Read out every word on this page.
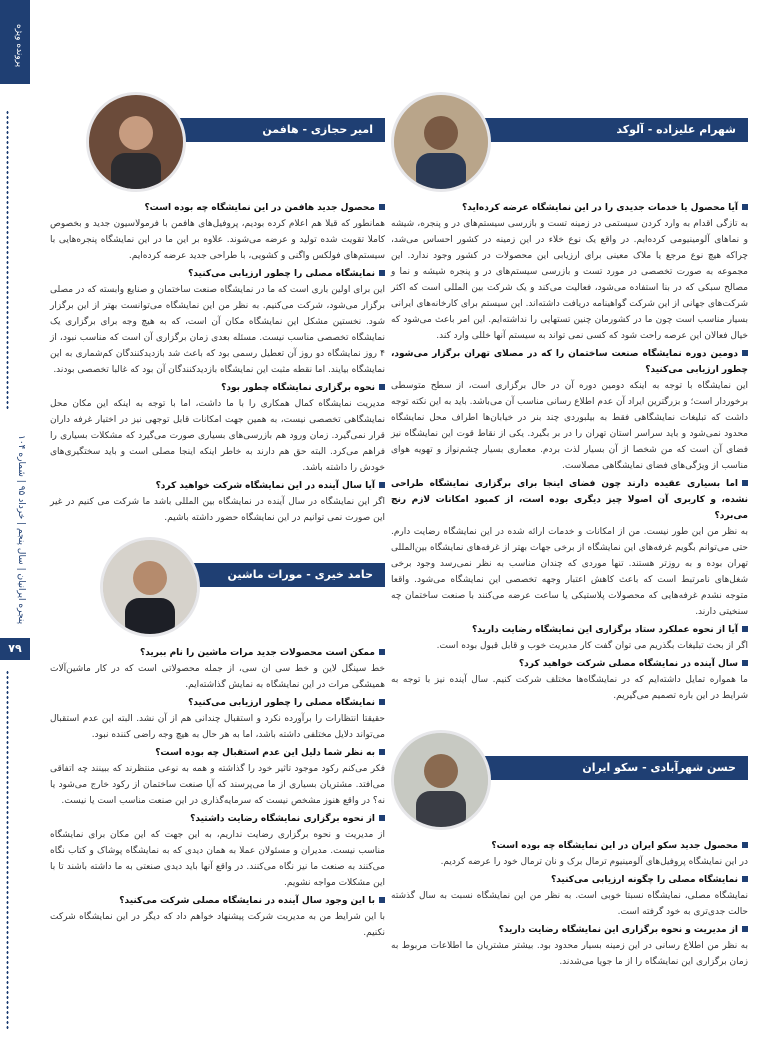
پرونده ویژه
پنجره ایرانیان | سال پنجم | خرداد ۹۵ | شماره ۱۰۴
۷۹
شهرام علیزاده - آلوکد
آیا محصول یا خدمات جدیدی را در این نمایشگاه عرضه کرده‌اید؟
به تازگی اقدام به وارد کردن سیستمی در زمینه تست و بازرسی سیستم‌های در و پنجره، شیشه و نماهای آلومینیومی کرده‌ایم. در واقع یک نوع خلاء در این زمینه در کشور احساس می‌شد، چراکه هیچ نوع مرجع یا ملاک معینی برای ارزیابی این محصولات در کشور وجود ندارد. این مجموعه به صورت تخصصی در مورد تست و بازرسی سیستم‌های در و پنجره شیشه و نما و مصالح سبکی که در بنا استفاده می‌شود، فعالیت می‌کند و یک شرکت بین المللی است که اکثر شرکت‌های جهانی از این شرکت گواهینامه دریافت داشته‌اند. این سیستم برای کارخانه‌های ایرانی بسیار مناسب است چون ما در کشورمان چنین تستهایی را نداشته‌ایم. این امر باعث می‌شود که خیال فعالان این عرصه راحت شود که کسی نمی تواند به سیستم آنها خللی وارد کند.
دومین دوره نمایشگاه صنعت ساختمان را که در مصلای تهران برگزار می‌شود، چطور ارزیابی می‌کنید؟
این نمایشگاه با توجه به اینکه دومین دوره آن در حال برگزاری است، از سطح متوسطی برخوردار است؛ و بزرگترین ایراد آن عدم اطلاع رسانی مناسب آن می‌باشد. باید به این نکته توجه داشت که تبلیغات نمایشگاهی فقط به بیلبوردی چند بنر در خیابان‌ها اطراف محل نمایشگاه محدود نمی‌شود و باید سراسر استان تهران را در بر بگیرد. یکی از نقاط قوت این نمایشگاه نیز فضای آن است که من شخصا از آن بسیار لذت بردم. معماری بسیار چشم‌نواز و تهویه هوای مناسب از ویژگی‌های فضای نمایشگاهی مصلاست.
اما بسیاری عقیده دارند چون فضای اینجا برای برگزاری نمایشگاه طراحی نشده، و کاربری آن اصولا چیز دیگری بوده است، از کمبود امکانات لازم رنج می‌برد؟
به نظر من این طور نیست. من از امکانات و خدمات ارائه شده در این نمایشگاه رضایت دارم. حتی می‌توانم بگویم غرفه‌های این نمایشگاه از برخی جهات بهتر از غرفه‌های نمایشگاه بین‌المللی تهران بوده و به روزتر هستند. تنها موردی که چندان مناسب به نظر نمی‌رسد وجود برخی شغل‌های نامرتبط است که باعث کاهش اعتبار وجهه تخصصی این نمایشگاه می‌شود. واقعا متوجه نشدم غرفه‌هایی که محصولات پلاستیکی یا ساعت عرضه می‌کنند با صنعت ساختمان چه سنخیتی دارند.
آیا از نحوه عملکرد ستاد برگزاری این نمایشگاه رضایت دارید؟
اگر از بحث تبلیغات بگذریم می توان گفت کار مدیریت خوب و قابل قبول بوده است.
سال آینده در نمایشگاه مصلی شرکت خواهید کرد؟
ما همواره تمایل داشته‌ایم که در نمایشگاه‌ها مختلف شرکت کنیم. سال آینده نیز با توجه به شرایط در این باره تصمیم می‌گیریم.
حسن شهرآبادی - سکو ایران
محصول جدید سکو ایران در این نمایشگاه چه بوده است؟
در این نمایشگاه پروفیل‌های آلومینیوم ترمال برک و نان ترمال خود را عرضه کردیم.
نمایشگاه مصلی را چگونه ارزیابی می‌کنید؟
نمایشگاه مصلی، نمایشگاه نسبتا خوبی است. به نظر من این نمایشگاه نسبت به سال گذشته حالت جدی‌تری به خود گرفته است.
از مدیریت و نحوه برگزاری این نمایشگاه رضایت دارید؟
به نظر من اطلاع رسانی در این زمینه بسیار محدود بود. بیشتر مشتریان ما اطلاعات مربوط به زمان برگزاری این نمایشگاه را از ما جویا می‌شدند.
امیر حجازی - هافمن
محصول جدید هافمن در این نمایشگاه چه بوده است؟
همانطور که قبلا هم اعلام کرده بودیم، پروفیل‌های هافمن با فرمولاسیون جدید و بخصوص کاملا تقویت شده تولید و عرضه می‌شوند. علاوه بر این ما در این نمایشگاه پنجره‌هایی با سیستم‌های فولکس واگنی و کشویی، با طراحی جدید عرضه کرده‌ایم.
نمایشگاه مصلی را چطور ارزیابی می‌کنید؟
این برای اولین باری است که ما در نمایشگاه صنعت ساختمان و صنایع وابسته که در مصلی برگزار می‌شود، شرکت می‌کنیم. به نظر من این نمایشگاه می‌توانست بهتر از این برگزار شود. نخستین مشکل این نمایشگاه مکان آن است، که به هیچ وجه برای برگزاری یک نمایشگاه تخصصی مناسب نیست. مسئله بعدی زمان برگزاری آن است که مناسب نبود، از ۴ روز نمایشگاه دو روز آن تعطیل رسمی بود که باعث شد بازدیدکنندگان کم‌شماری به این نمایشگاه بیایند. اما نقطه مثبت این نمایشگاه بازدیدکنندگان آن بود که غالبا تخصصی بودند.
نحوه برگزاری نمایشگاه چطور بود؟
مدیریت نمایشگاه کمال همکاری را با ما داشت، اما با توجه به اینکه این مکان محل نمایشگاهی تخصصی نیست، به همین جهت امکانات قابل توجهی نیز در اختیار غرفه داران قرار نمی‌گیرد. زمان ورود هم بازرسی‌های بسیاری صورت می‌گیرد که مشکلات بسیاری را فراهم می‌کرد. البته حق هم دارند به خاطر اینکه اینجا مصلی است و باید سختگیری‌های خودش را داشته باشد.
آیا سال آینده در این نمایشگاه شرکت خواهید کرد؟
اگر این نمایشگاه در سال آینده در نمایشگاه بین المللی باشد ما شرکت می کنیم در غیر این صورت نمی توانیم در این نمایشگاه حضور داشته باشیم.
حامد خیری - مورات ماشین
ممکن است محصولات جدید مرات ماشین را نام ببرید؟
خط سینگل لاین و خط سی ان سی، از جمله محصولاتی است که در کار ماشین‌آلات همیشگی مرات در این نمایشگاه به نمایش گذاشته‌ایم.
نمایشگاه مصلی را چطور ارزیابی می‌کنید؟
حقیقتا انتظارات را برآورده نکرد و استقبال چندانی هم از آن نشد. البته این عدم استقبال می‌تواند دلایل مختلفی داشته باشد، اما به هر حال به هیچ وجه راضی کننده نبود.
به نظر شما دلیل این عدم استقبال چه بوده است؟
فکر می‌کنم رکود موجود تاثیر خود را گذاشته و همه به نوعی منتظرند که ببینند چه اتفاقی می‌افتد. مشتریان بسیاری از ما می‌پرسند که آیا صنعت ساختمان از رکود خارج می‌شود یا نه؟ در واقع هنوز مشخص نیست که سرمایه‌گذاری در این صنعت مناسب است یا نیست.
از نحوه برگزاری نمایشگاه رضایت داشتید؟
از مدیریت و نحوه برگزاری رضایت نداریم، به این جهت که این مکان برای نمایشگاه مناسب نیست. مدیران و مسئولان عملا به همان دیدی که به نمایشگاه پوشاک و کتاب نگاه می‌کنند به صنعت ما نیز نگاه می‌کنند. در واقع آنها باید دیدی صنعتی به ما داشته باشند تا با این مشکلات مواجه نشویم.
با این وجود سال آینده در نمایشگاه مصلی شرکت می‌کنید؟
با این شرایط من به مدیریت شرکت پیشنهاد خواهم داد که دیگر در این نمایشگاه شرکت نکنیم.
